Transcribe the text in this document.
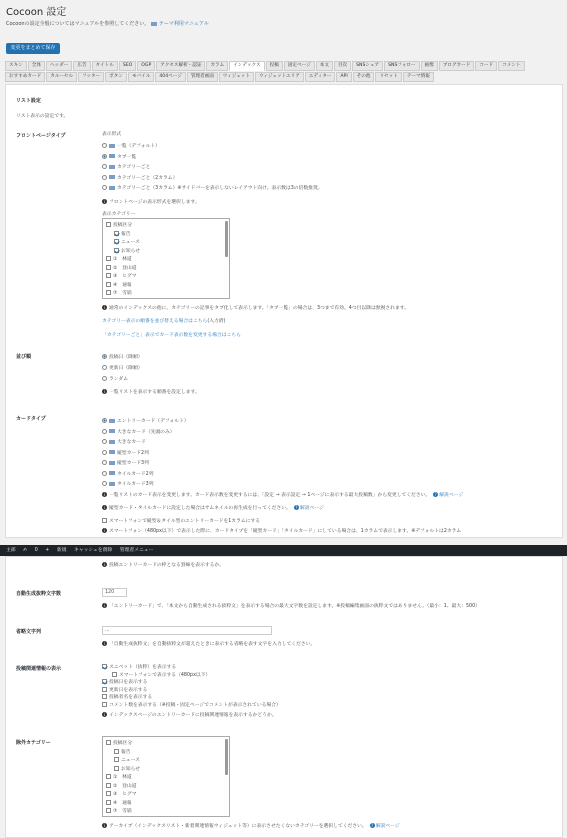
Cocoon 設定
Cocoonの設定全般についてはマニュアルを参照してください。 テーマ利用マニュアル
変更をまとめて保存
スキン	全体	ヘッダー	広告	タイトル	SEO	OGP	アクセス解析・認証	カラム	インデックス	投稿	固定ページ	本文	目次	SNSシェア	SNSフォロー	画像	ブログカード	コード	コメント
おすすめカード	カルーセル	フッター	ボタン	モバイル	404ページ	管理者画面	ウィジェット	ウィジェットエリア	エディター	API	その他	リセット	テーマ情報
リスト設定
リスト表示の設定です。
フロントページタイプ	表示形式
一覧（デフォルト）
タブ一覧
カテゴリーごと
カテゴリーごと（2カラム）
カテゴリーごと（3カラム）※サイドバーを表示しないレイアウト向け。表示数は3の倍数推奨。
i フロントページの表示形式を選択します。
表示カテゴリー
投稿区分
報告
ニュース
お知らせ
①　林道
②　登山道
③　ヒグマ
④　通報
⑦　雪崩
i 通常のインデックスの他に、カテゴリーの記事をタブ化して表示します。「タブ一覧」の場合は、3つまで有効。4つ目以降は無視されます。
カテゴリー表示の順番を並び替える場合はこちら(入力済)
「カテゴリーごと」表示でカード表示数を変更する場合はこちら
並び順	投稿日（降順）
更新日（降順）
ランダム
i 一覧リストを表示する順番を設定します。
カードタイプ	エントリーカード（デフォルト）
大きなカード（先頭のみ）
大きなカード
縦型カード2列
縦型カード3列
タイルカード2列
タイルカード3列
i 一覧リストのカード表示を変更します。カード表示数を変更するには、「設定 → 表示設定 → 1ページに表示する最大投稿数」から変更してください。 ? 解説ページ
i 縦型カード・タイルカードに設定した場合はサムネイルの再生成を行ってください。 ? 解説ページ
スマートフォンで縦型＆タイル型のエントリーカードを1カラムにする
i スマートフォン（480px以下）で表示した際に、カードタイプを「縦型カード」「タイルカード」にしている場合は、1カラムで表示します。※デフォルトは2カラム
主部 ✍ 0 + 新規 キャッシュを削除 管理者メニュー
i 投稿エントリーカードの枠となる罫線を表示するか。
自動生成抜粋文字数	120
i 「エントリーカード」で、「本文から自動生成される抜粋文」を表示する場合の最大文字数を設定します。※投稿編集画面の抜粋文ではありません。（最小：1、最大：500）
省略文字列	...
i 「自動生成抜粋文」を自動抜粋文が超えたときに表示する省略を表す文字を入力してください。
投稿関連情報の表示	スニペット（抜粋）を表示する
スマートフォンで表示する（480px以下）
投稿日を表示する
更新日を表示する
投稿者名を表示する
コメント数を表示する（※投稿・固定ページでコメントが表示されている場合）
i インデックスページのエントリーカードに投稿関連情報を表示するかどうか。
除外カテゴリー	投稿区分
報告
ニュース
お知らせ
①　林道
②　登山道
③　ヒグマ
④　通報
⑦　雪崩
i アーカイブ（インデックスリスト・新着関連情報ウィジェット等）に表示させたくないカテゴリーを選択してください。 ? 解説ページ
